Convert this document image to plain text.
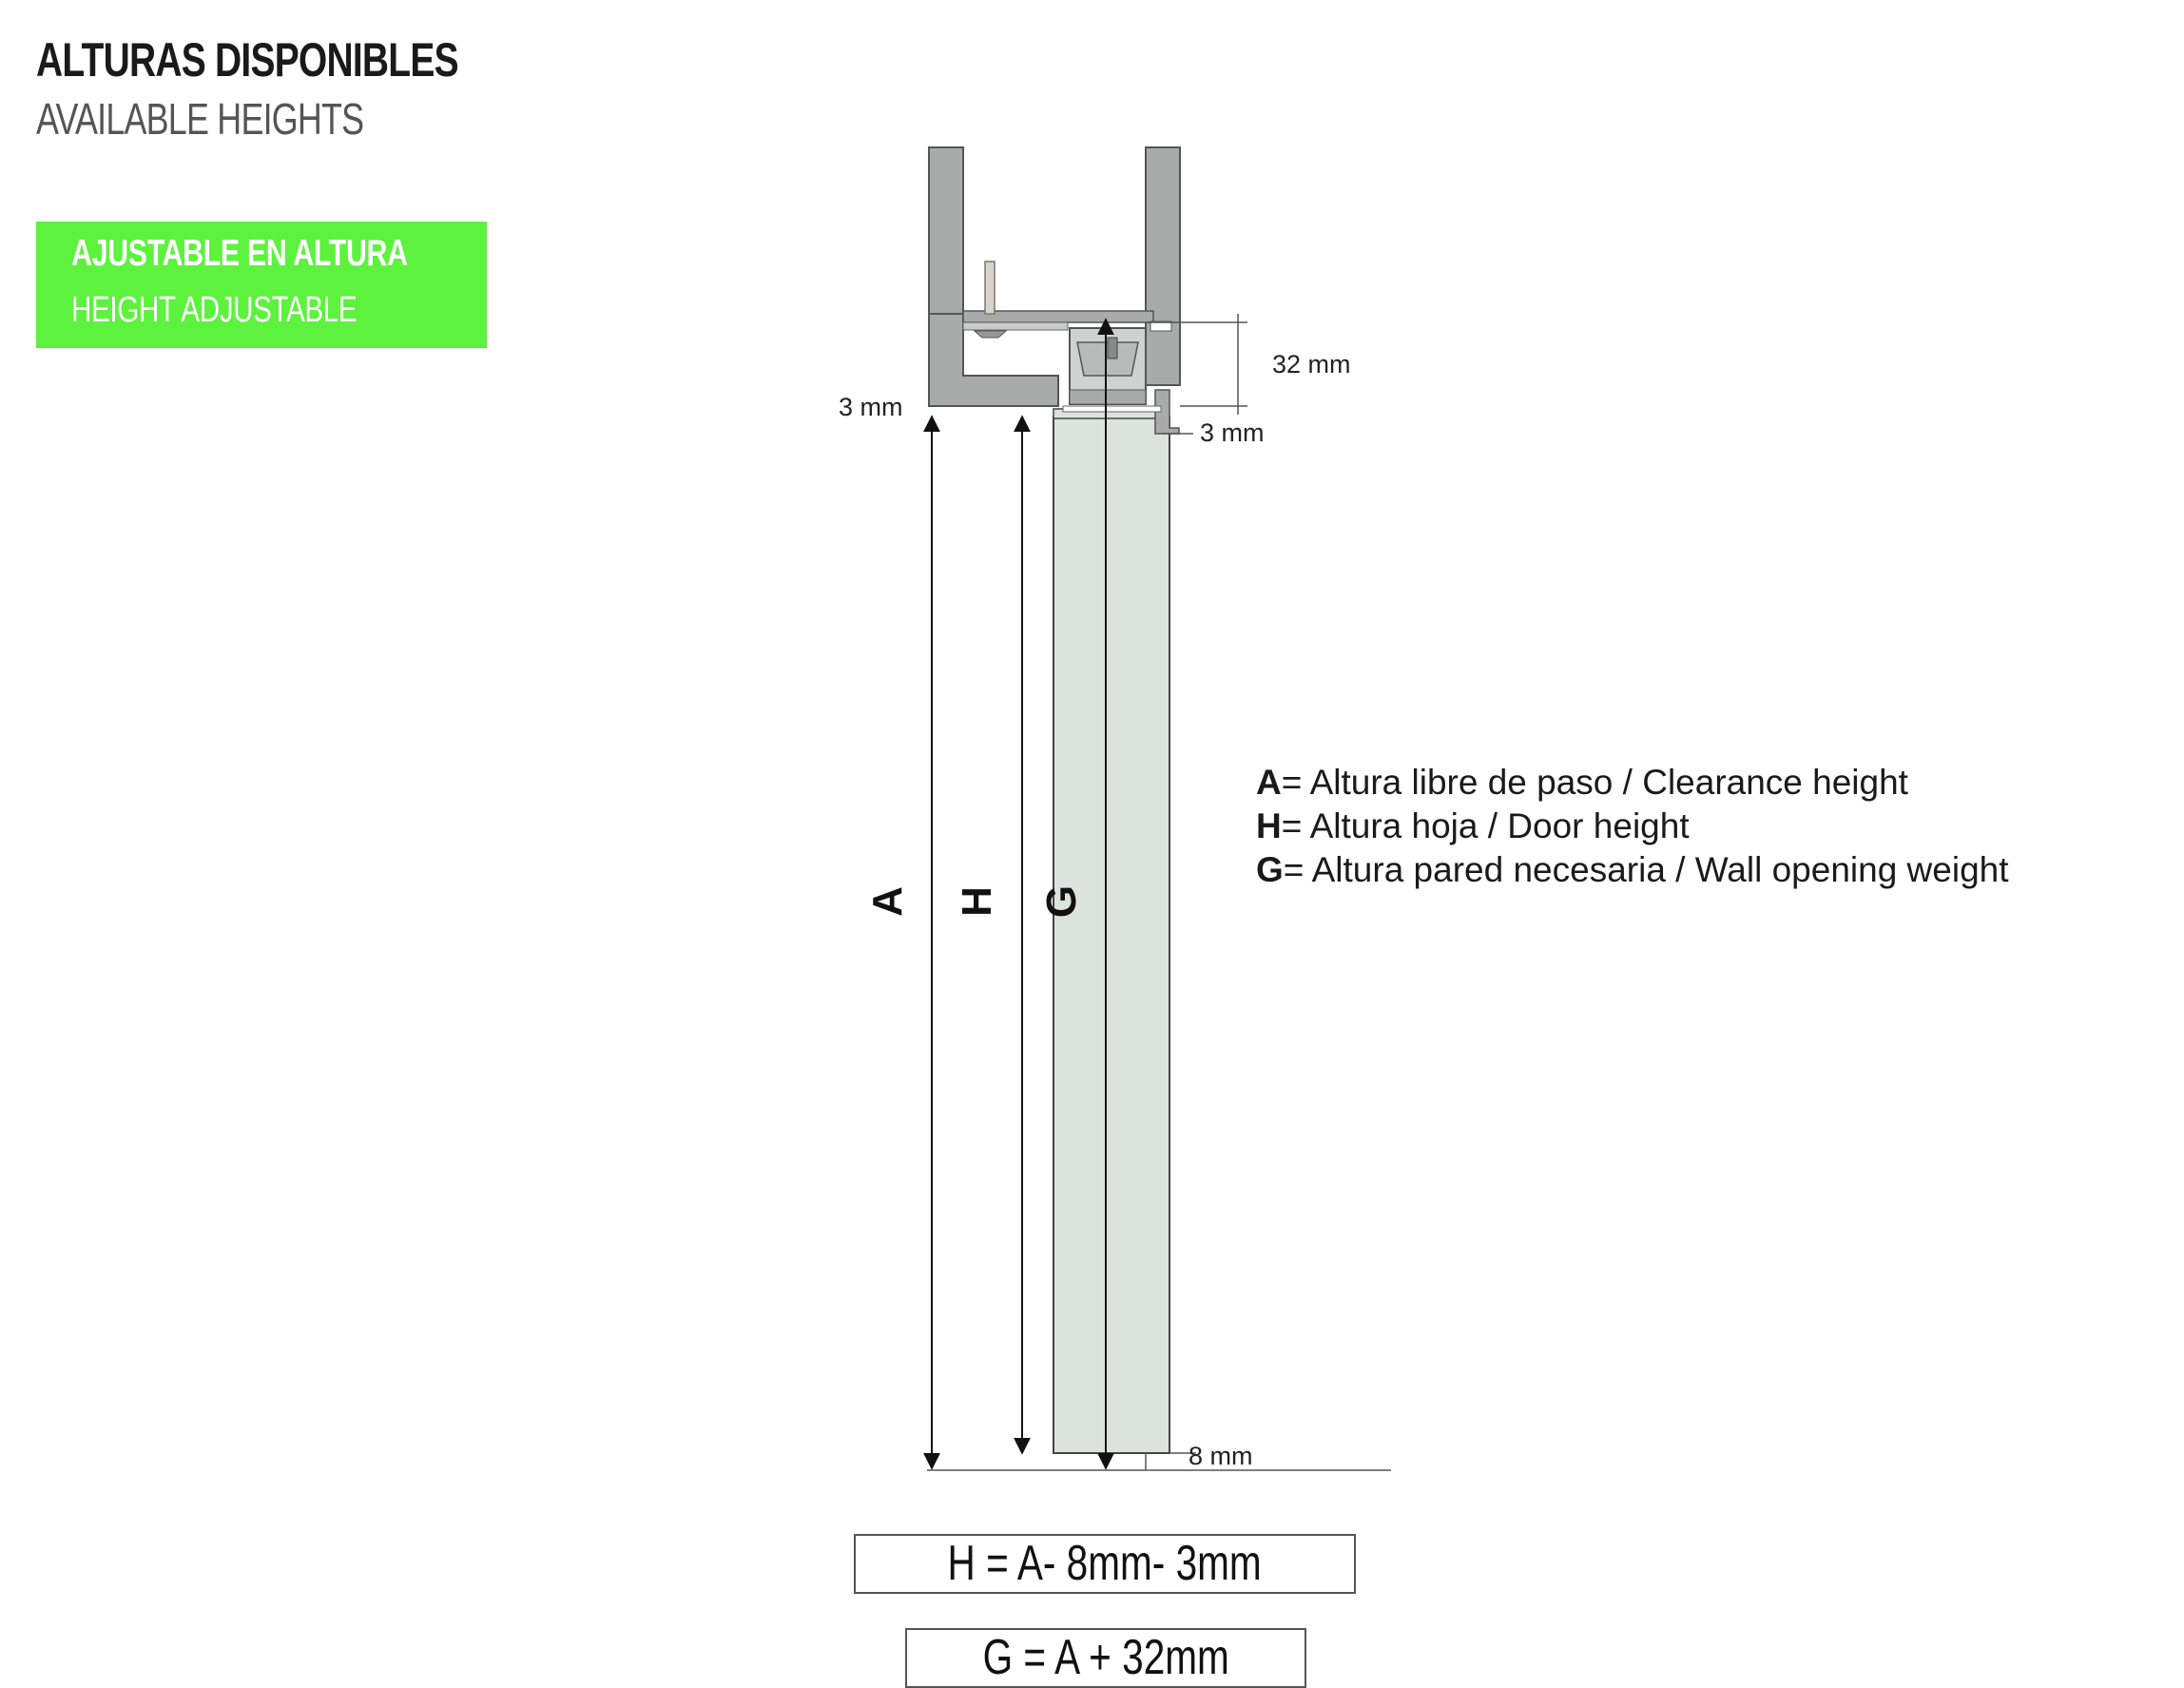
ALTURAS DISPONIBLES
AVAILABLE HEIGHTS
AJUSTABLE EN ALTURA
HEIGHT ADJUSTABLE
A H G
32 mm
3 mm
3 mm
8 mm
A= Altura libre de paso / Clearance height
H= Altura hoja / Door height
G= Altura pared necesaria / Wall opening weight
H = A- 8mm- 3mm
G = A + 32mm
